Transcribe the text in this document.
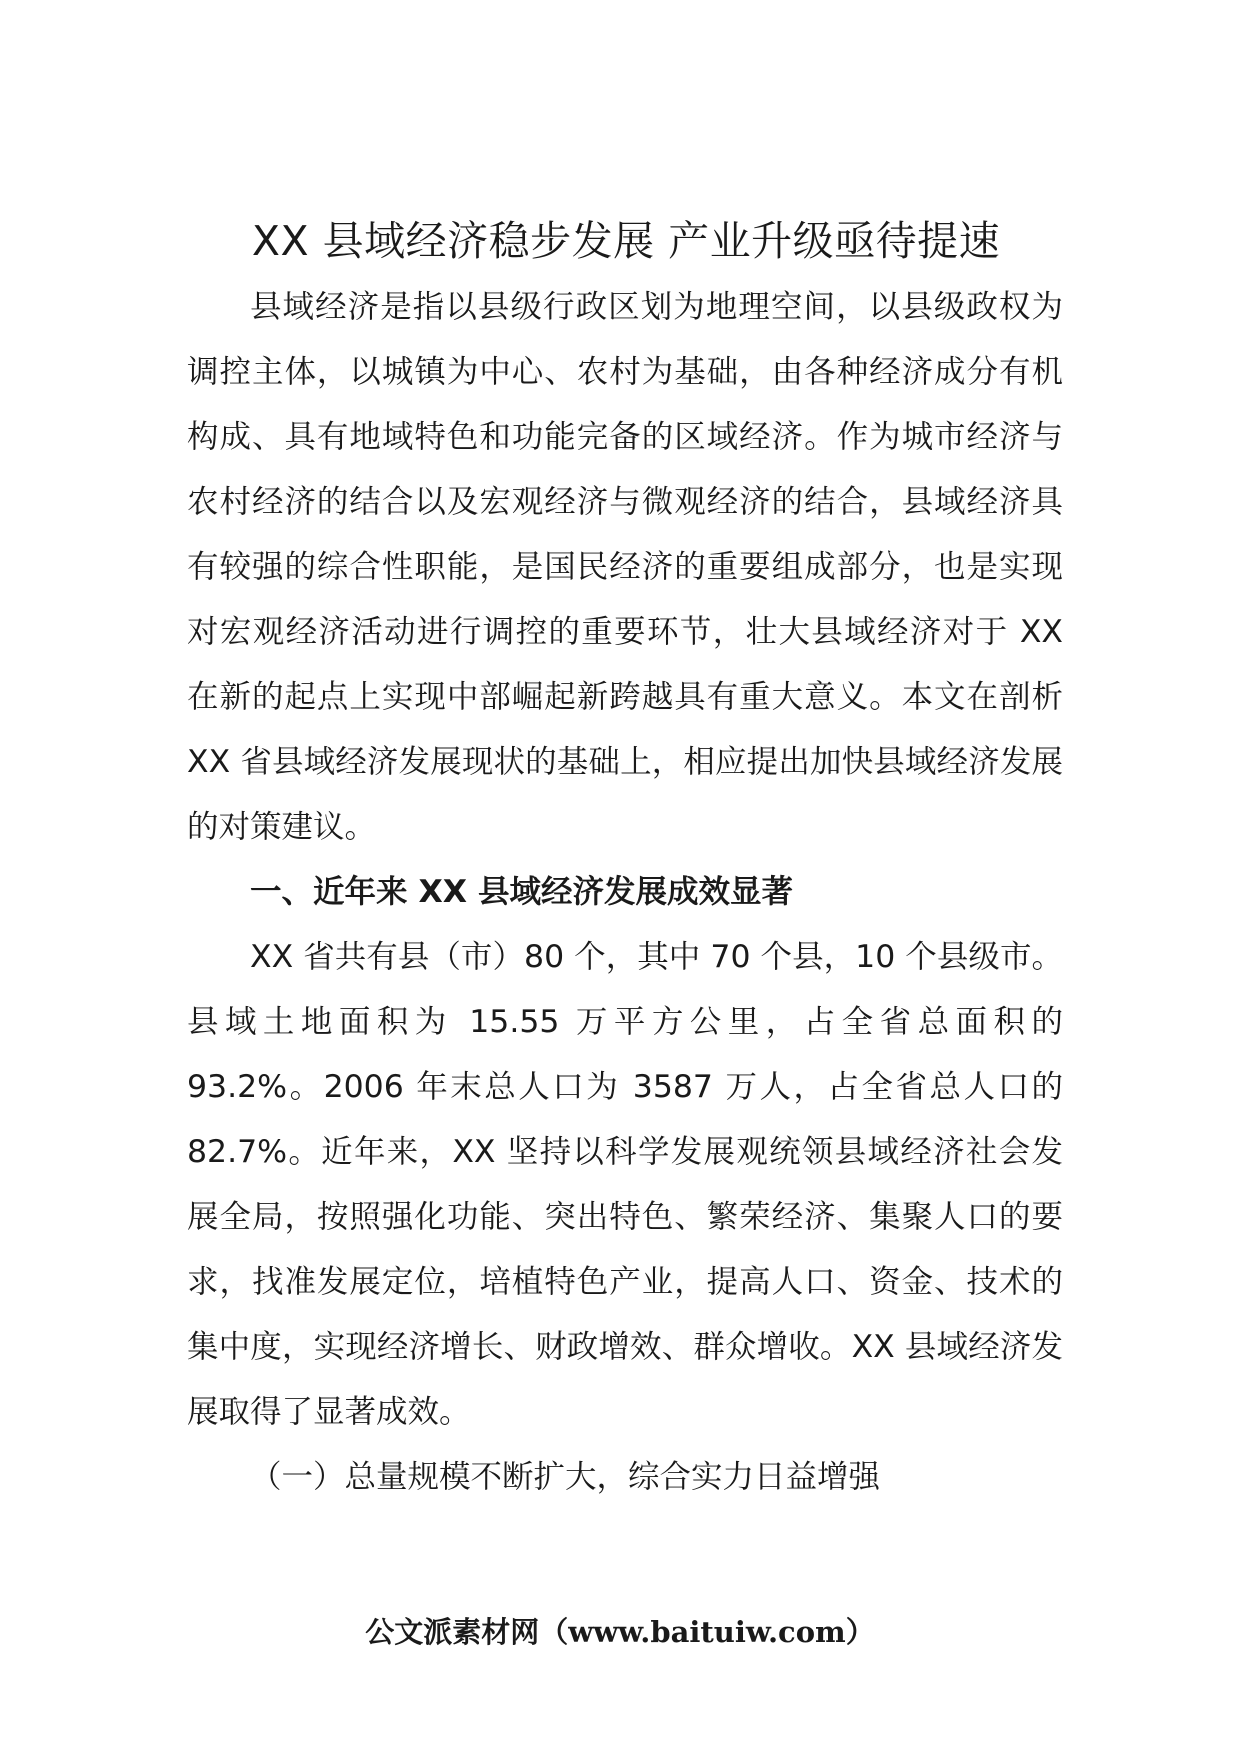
XX 县域经济稳步发展 产业升级亟待提速

县域经济是指以县级行政区划为地理空间，以县级政权为调控主体，以城镇为中心、农村为基础，由各种经济成分有机构成、具有地域特色和功能完备的区域经济。作为城市经济与农村经济的结合以及宏观经济与微观经济的结合，县域经济具有较强的综合性职能，是国民经济的重要组成部分，也是实现对宏观经济活动进行调控的重要环节，壮大县域经济对于 XX 在新的起点上实现中部崛起新跨越具有重大意义。本文在剖析 XX 省县域经济发展现状的基础上，相应提出加快县域经济发展的对策建议。

一、近年来 XX 县域经济发展成效显著

XX 省共有县（市）80 个，其中 70 个县，10 个县级市。县域土地面积为 15.55 万平方公里，占全省总面积的 93.2%。2006 年末总人口为 3587 万人，占全省总人口的 82.7%。近年来，XX 坚持以科学发展观统领县域经济社会发展全局，按照强化功能、突出特色、繁荣经济、集聚人口的要求，找准发展定位，培植特色产业，提高人口、资金、技术的集中度，实现经济增长、财政增效、群众增收。XX 县域经济发展取得了显著成效。

（一）总量规模不断扩大，综合实力日益增强

公文派素材网（www.baituiw.com）
